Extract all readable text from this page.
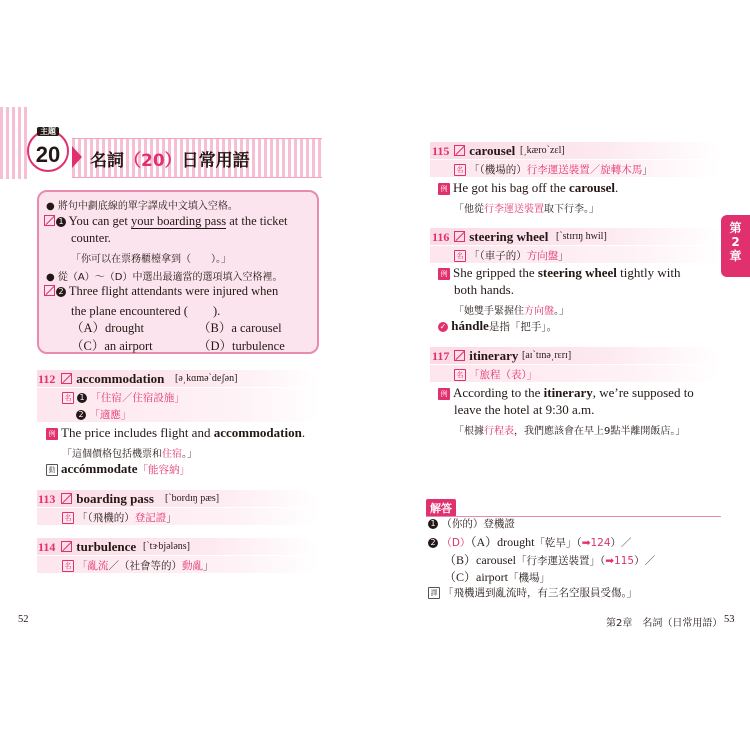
主題
20	名詞（20）日常用語
● 將句中劃底線的單字譯成中文填入空格。
1 You can get your boarding pass at the ticket
counter.
「你可以在票務櫃檯拿到（　　）。」
● 從（A）～（D）中選出最適當的選項填入空格裡。
2 Three flight attendants were injured when
the plane encountered (　　).
（A）drought	（B）a carousel
（C）an airport	（D）turbulence
112	accommodation [ə͵kɑmə`deʃən]
名 1 「住宿／住宿設施」
2 「適應」
例 The price includes flight and accommodation.
「這個價格包括機票和住宿。」
動 accómmodate「能容納」
113	boarding pass [`bordɪŋ pæs]
名 「（飛機的）登記證」
114	turbulence [`tɝbjələns]
名 「亂流／（社會等的）動亂」
52
第2章
115	carousel [͵kæro`zɛl]
名 「（機場的）行李運送裝置／旋轉木馬」
例 He got his bag off the carousel.
「他從行李運送裝置取下行李。」
116	steering wheel [`stɪrɪŋ hwil]
名 「（車子的）方向盤」
例 She gripped the steering wheel tightly with
both hands.
「她雙手緊握住方向盤。」
✓ hándle是指「把手」。
117	itinerary [aɪ`tɪnə͵rɛrɪ]
名 「旅程（表）」
例 According to the itinerary, we’re supposed to
leave the hotel at 9:30 a.m.
「根據行程表，我們應該會在早上9點半離開飯店。」
解答
1 （你的）登機證
2 （D）（A）drought「乾旱」（➡124）／
（B）carousel「行李運送裝置」（➡115）／
（C）airport「機場」
譯 「飛機遇到亂流時，有三名空服員受傷。」
第2章　名詞（日常用語） 53
